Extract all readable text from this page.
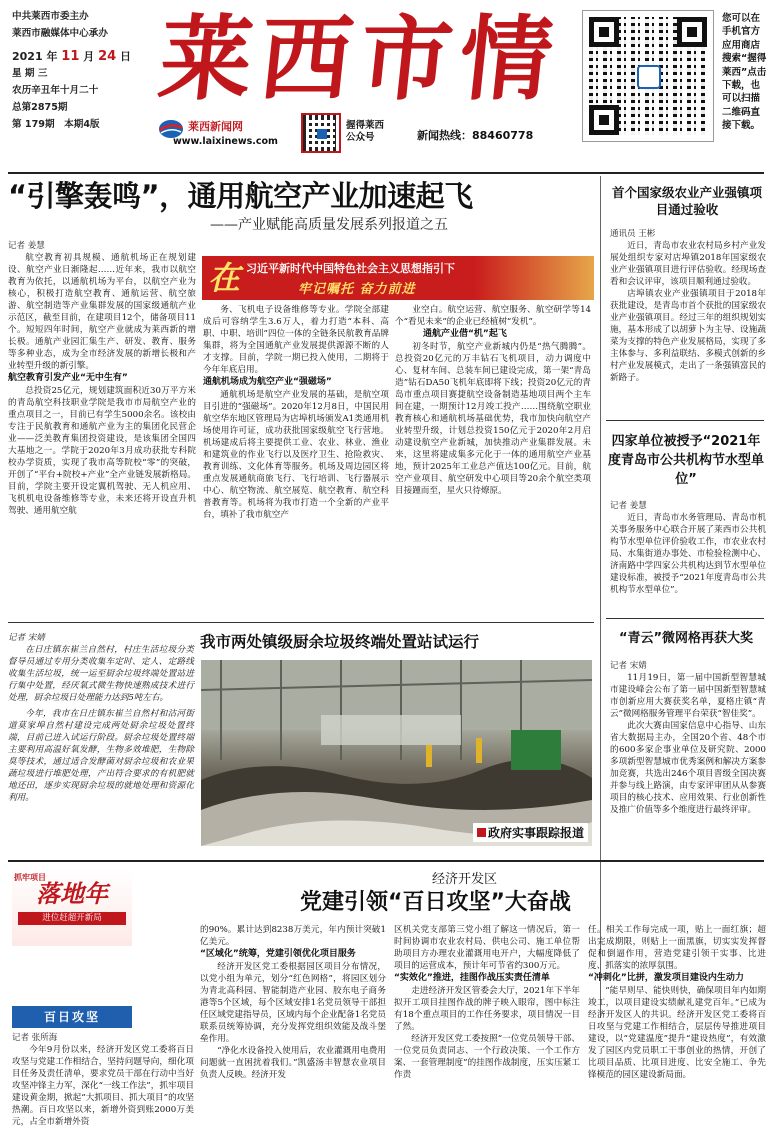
中共莱西市委主办
莱西市融媒体中心承办
2021 年 11 月 24 日
星 期 三
农历辛丑年十月二十
总第2875期
第 179期　本期4版
莱西市情
莱西新闻网
www.laixinews.com
握得莱西
公众号	新闻热线：88460778
您可以在手机官方应用商店搜索“握得莱西”点击下载，也可以扫描二维码直接下载。
“引擎轰鸣”，通用航空产业加速起飞
——产业赋能高质量发展系列报道之五
记者 姜慧

航空教育初具规模、通航机场正在规划建设、航空产业日渐隆起……近年来，我市以航空教育为依托，以通航机场为平台，以航空产业为核心，积极打造航空教育、通航运营、航空旅游、航空制造等产业集群发展的国家级通航产业示范区，截至目前，在建项目12个，储备项目11个。短短四年时间，航空产业就成为莱西新的增长极。通航产业园汇集生产、研发、教育、服务等多种业态，成为全市经济发展的新增长极和产业转型升级的新引擎。

航空教育引发产业“无中生有”

总投资25亿元，规划建筑面积近30万平方米的青岛航空科技职业学院是我市市局航空产业的重点项目之一，目前已有学生5000余名。该校由专注于民航教育和通航产业为主的集团化民营企业——泛美教育集团投资建设，是该集团全国四大基地之一。学院于2020年3月成功获批专科院校办学资质，实现了我市高等院校“零”的突破，开创了“平台+院校+产业”全产业链发展新格局。目前，学院主要开设定翼机驾驶、无人机应用、飞机机电设备维修等专业，未来还将开设直升机驾驶、通用航空航

在 习近平新时代中国特色社会主义思想指引下
牢记嘱托 奋力前进

务、飞机电子设备维修等专业。学院全部建成后可容纳学生3.6万人，着力打造“本科、高职、中职、培训”四位一体的全链条民航教育品牌集群，将为全国通航产业发展提供源源不断的人才支撑。目前，学院一期已投入使用，二期将于今年年底启用。

通航机场成为航空产业“强磁场”

通航机场是航空产业发展的基础，是航空项目引进的“强磁场”。2020年12月8日，中国民用航空华东地区管理局为店埠机场颁发A1类通用机场使用许可证，成功获批国家级航空飞行营地。机场建成后将主要提供工业、农业、林业、渔业和建筑业的作业飞行以及医疗卫生、抢险救灾、教育训练、文化体育等服务。机场及周边园区将重点发展通航商旅飞行、飞行培训、飞行器展示中心、航空物流、航空展览、航空教育、航空科普教育等。机场将为我市打造一个全新的产业平台，填补了我市航空产

业空白。航空运营、航空服务、航空研学等14个“看见未来”的企业已经植树“发机”。

通航产业借“机”起飞

初冬时节，航空产业新城内仍是“热气腾腾”。总投资20亿元的万丰钻石飞机项目，动力调度中心、复材车间、总装车间已建设完成，第一架“青岛造”钻石DA50飞机年底即将下线；投资20亿元的青岛市重点项目赛捷航空设备制造基地项目两个主车间在建，一期预计12月竣工投产……围绕航空职业教育核心和通航机场基础优势，我市加快向航空产业转型升级，计划总投资150亿元于2020年2月启动建设航空产业新城，加快推动产业集群发展。未来，这里将建成集多元化于一体的通用航空产业基地，预计2025年工业总产值达100亿元。目前，航空产业项目、航空研发中心项目等20余个航空类项目接踵而至，星火只待燎原。

首个国家级农业产业强镇项目通过验收
通讯员 王彬

近日，青岛市农业农村局乡村产业发展处组织专家对店埠镇2018年国家级农业产业强镇项目进行评估验收。经现场查看和会议评审，该项目顺利通过验收。

店埠镇农业产业强镇项目于2018年获批建设，是青岛市首个获批的国家级农业产业强镇项目。经过三年的组织规划实施，基本形成了以胡萝卜为主导、设施蔬菜为支撑的特色产业发展格局，实现了多主体参与、多利益联结、多模式创新的乡村产业发展模式，走出了一条强镇富民的新路子。

四家单位被授予“2021年度青岛市公共机构节水型单位”
记者 姜慧

近日，青岛市水务管理局、青岛市机关事务服务中心联合开展了莱西市公共机构节水型单位评价验收工作，市农业农村局、水集街道办事处、市检验检测中心、济南路中学四家公共机构达到节水型单位建设标准，被授予“2021年度青岛市公共机构节水型单位”。

“青云”微网格再获大奖
记者 宋婧

11月19日，第一届中国新型智慧城市建设峰会公布了第一届中国新型智慧城市创新应用大赛获奖名单，夏格庄镇“青云”微网格服务管理平台荣获“智佳奖”。

此次大赛由国家信息中心指导、山东省大数据局主办，全国20个省、48个市的600多家企事业单位及研究院、2000多项新型智慧城市优秀案例和解决方案参加竞赛，共选出246个项目晋级全国决赛并参与线上路演，由专家评审团从从参赛项目的核心技术、应用效果、行业创新性及推广价值等多个维度进行最终评审。

我市两处镇级厨余垃圾终端处置站试运行
记者 宋婧

在日庄镇东崔兰自然村，村庄生活垃圾分类督导员通过专用分类收集车定时、定人、定路线收集生活垃圾，统一运至厨余垃圾终端处置站进行集中处置，经厌氧式微生物快速熟成技术进行处理，厨余垃圾日处理能力达到5吨左右。

今年，我市在日庄镇东崔兰自然村和沽河街道莫家埠自然村建设完成两处厨余垃圾处置终端，目前已进入试运行阶段。厨余垃圾处置终端主要利用高温好氧发酵，生物多效堆肥，生物除臭等技术，通过适合发酵菌对厨余垃圾和农业果蔬垃圾进行堆肥处理，产出符合要求的有机肥就地还田，逐步实现厨余垃圾的就地处理和资源化利用。

政府实事跟踪报道
抓牢项目
落地年
进位赶超开新局
百日攻坚
经济开发区
党建引领“百日攻坚”大奋战
记者 张所海

今年9月份以来，经济开发区党工委将百日攻坚与党建工作相结合，坚持问题导向，细化项目任务及责任清单，要求党员干部在行动中当好攻坚冲锋主力军，深化“一线工作法”，抓牢项目建设黄金期，掀起“大抓项目、抓大项目”的攻坚热潮。百日攻坚以来，新增外资到账2000万美元，占全市新增外资

的90%。累计达到8238万美元，年内预计突破1亿美元。

“区域化”统筹，党建引领优化项目服务

经济开发区党工委根据园区项目分布情况，以党小组为单元，划分“红色网格”，将园区划分为青北高科园、智能制造产业园、胶东电子商务港等5个区域，每个区域安排1名党员领导干部担任区域党建指导员，区域内每个企业配备1名党员联系员统筹协调，充分发挥党组织效能及战斗堡垒作用。

“净化水设备投入使用后，农业灌溉用电费用问题就一直困扰着我们。”凯盛汤丰智慧农业项目负责人反映。经济开发

区机关党支部第三党小组了解这一情况后，第一时间协调市农业农村局、供电公司、施工单位帮助项目方办理农业灌溉用电开户，大幅度降低了项目的运营成本，预计年可节省约300万元。

“实效化”推进，挂图作战压实责任清单

走进经济开发区管委会大厅，2021年下半年拟开工项目挂图作战的牌子映入眼帘，图中标注有18个重点项目的工作任务要求，项目情况一目了然。

经济开发区党工委按照“一位党员领导干部、一位党员负责同志、一个行政决策、一个工作方案、一套管理制度”的挂图作战制度，压实压紧工作责

任。相关工作每完成一项，贴上一面红旗；超出完成期限，则贴上一面黑旗，切实实发挥督促和倒逼作用，营造党建引领干实事、比进度、抓落实的浓厚氛围。

“冲刺化”比拼，激发项目建设内生动力

“能早则早、能快则快，确保项目年内如期竣工，以项目建设实绩献礼建党百年。”已成为经济开发区人的共识。经济开发区党工委将百日攻坚与党建工作相结合，层层传导推进项目建设，以“党建温度”提升“建设热度”，有效激发了园区内党员职工干事创业的热情，开创了比项目品质、比项目进度、比安全施工、争先锋模范的园区建设新局面。
